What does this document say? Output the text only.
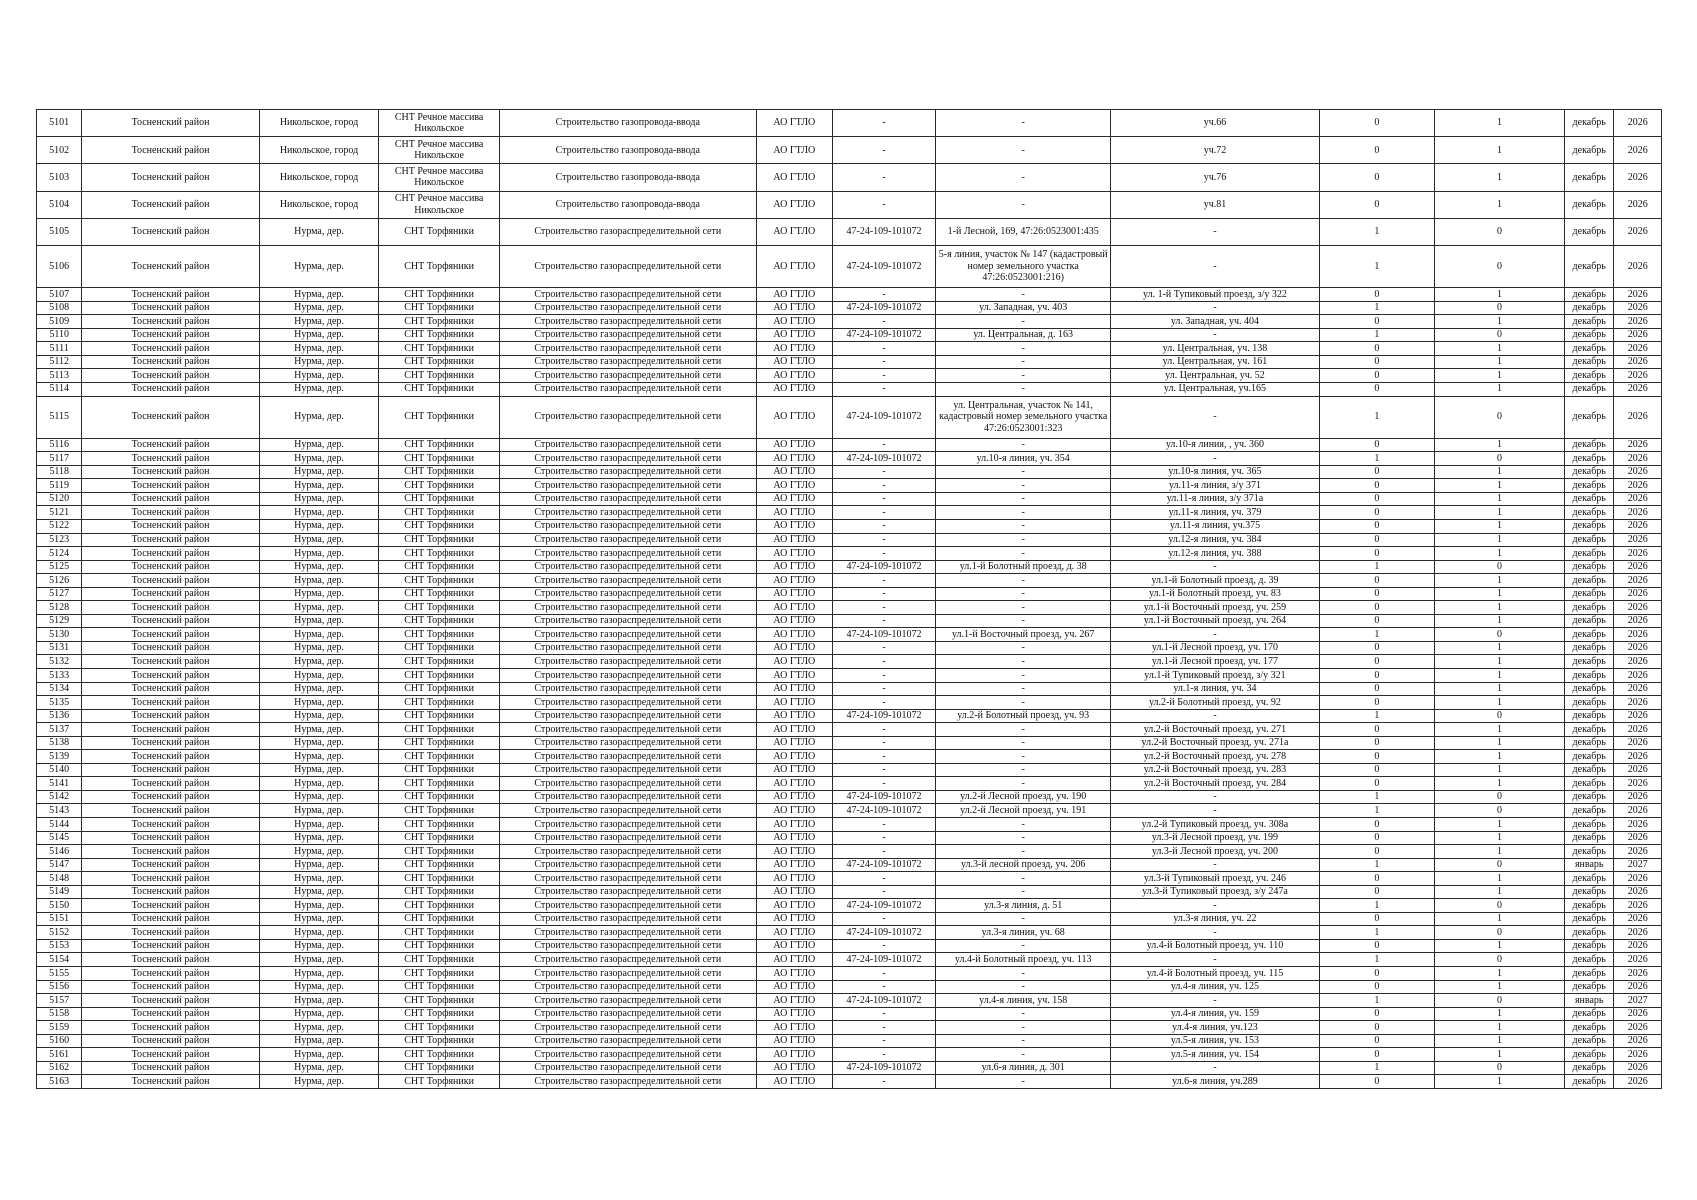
5101	Тосненский район	Никольское, город	СНТ Речное массива Никольское	Строительство газопровода-ввода	АО ГТЛО	-	-	уч.66	0	1	декабрь	2026
5102	Тосненский район	Никольское, город	СНТ Речное массива Никольское	Строительство газопровода-ввода	АО ГТЛО	-	-	уч.72	0	1	декабрь	2026
5103	Тосненский район	Никольское, город	СНТ Речное массива Никольское	Строительство газопровода-ввода	АО ГТЛО	-	-	уч.76	0	1	декабрь	2026
5104	Тосненский район	Никольское, город	СНТ Речное массива Никольское	Строительство газопровода-ввода	АО ГТЛО	-	-	уч.81	0	1	декабрь	2026
5105	Тосненский район	Нурма, дер.	СНТ Торфяники	Строительство газораспределительной сети	АО ГТЛО	47-24-109-101072	1-й Лесной, 169, 47:26:0523001:435	-	1	0	декабрь	2026
5106	Тосненский район	Нурма, дер.	СНТ Торфяники	Строительство газораспределительной сети	АО ГТЛО	47-24-109-101072	5-я линия, участок № 147 (кадастровый номер земельного участка 47:26:0523001:216)	-	1	0	декабрь	2026
5107	Тосненский район	Нурма, дер.	СНТ Торфяники	Строительство газораспределительной сети	АО ГТЛО	-	-	ул. 1-й Тупиковый проезд, з/у 322	0	1	декабрь	2026
5108	Тосненский район	Нурма, дер.	СНТ Торфяники	Строительство газораспределительной сети	АО ГТЛО	47-24-109-101072	ул. Западная, уч. 403	-	1	0	декабрь	2026
5109	Тосненский район	Нурма, дер.	СНТ Торфяники	Строительство газораспределительной сети	АО ГТЛО	-	-	ул. Западная, уч. 404	0	1	декабрь	2026
5110	Тосненский район	Нурма, дер.	СНТ Торфяники	Строительство газораспределительной сети	АО ГТЛО	47-24-109-101072	ул. Центральная, д. 163	-	1	0	декабрь	2026
5111	Тосненский район	Нурма, дер.	СНТ Торфяники	Строительство газораспределительной сети	АО ГТЛО	-	-	ул. Центральная, уч. 138	0	1	декабрь	2026
5112	Тосненский район	Нурма, дер.	СНТ Торфяники	Строительство газораспределительной сети	АО ГТЛО	-	-	ул. Центральная, уч. 161	0	1	декабрь	2026
5113	Тосненский район	Нурма, дер.	СНТ Торфяники	Строительство газораспределительной сети	АО ГТЛО	-	-	ул. Центральная, уч. 52	0	1	декабрь	2026
5114	Тосненский район	Нурма, дер.	СНТ Торфяники	Строительство газораспределительной сети	АО ГТЛО	-	-	ул. Центральная, уч.165	0	1	декабрь	2026
5115	Тосненский район	Нурма, дер.	СНТ Торфяники	Строительство газораспределительной сети	АО ГТЛО	47-24-109-101072	ул. Центральная, участок № 141, кадастровый номер земельного участка 47:26:0523001:323	-	1	0	декабрь	2026
5116	Тосненский район	Нурма, дер.	СНТ Торфяники	Строительство газораспределительной сети	АО ГТЛО	-	-	ул.10-я линия, , уч. 360	0	1	декабрь	2026
5117	Тосненский район	Нурма, дер.	СНТ Торфяники	Строительство газораспределительной сети	АО ГТЛО	47-24-109-101072	ул.10-я линия, уч. 354	-	1	0	декабрь	2026
5118	Тосненский район	Нурма, дер.	СНТ Торфяники	Строительство газораспределительной сети	АО ГТЛО	-	-	ул.10-я линия, уч. 365	0	1	декабрь	2026
5119	Тосненский район	Нурма, дер.	СНТ Торфяники	Строительство газораспределительной сети	АО ГТЛО	-	-	ул.11-я линия, з/у 371	0	1	декабрь	2026
5120	Тосненский район	Нурма, дер.	СНТ Торфяники	Строительство газораспределительной сети	АО ГТЛО	-	-	ул.11-я линия, з/у 371а	0	1	декабрь	2026
5121	Тосненский район	Нурма, дер.	СНТ Торфяники	Строительство газораспределительной сети	АО ГТЛО	-	-	ул.11-я линия, уч. 379	0	1	декабрь	2026
5122	Тосненский район	Нурма, дер.	СНТ Торфяники	Строительство газораспределительной сети	АО ГТЛО	-	-	ул.11-я линия, уч.375	0	1	декабрь	2026
5123	Тосненский район	Нурма, дер.	СНТ Торфяники	Строительство газораспределительной сети	АО ГТЛО	-	-	ул.12-я линия, уч. 384	0	1	декабрь	2026
5124	Тосненский район	Нурма, дер.	СНТ Торфяники	Строительство газораспределительной сети	АО ГТЛО	-	-	ул.12-я линия, уч. 388	0	1	декабрь	2026
5125	Тосненский район	Нурма, дер.	СНТ Торфяники	Строительство газораспределительной сети	АО ГТЛО	47-24-109-101072	ул.1-й Болотный проезд, д. 38	-	1	0	декабрь	2026
5126	Тосненский район	Нурма, дер.	СНТ Торфяники	Строительство газораспределительной сети	АО ГТЛО	-	-	ул.1-й Болотный проезд, д. 39	0	1	декабрь	2026
5127	Тосненский район	Нурма, дер.	СНТ Торфяники	Строительство газораспределительной сети	АО ГТЛО	-	-	ул.1-й Болотный проезд, уч. 83	0	1	декабрь	2026
5128	Тосненский район	Нурма, дер.	СНТ Торфяники	Строительство газораспределительной сети	АО ГТЛО	-	-	ул.1-й Восточный проезд, уч. 259	0	1	декабрь	2026
5129	Тосненский район	Нурма, дер.	СНТ Торфяники	Строительство газораспределительной сети	АО ГТЛО	-	-	ул.1-й Восточный проезд, уч. 264	0	1	декабрь	2026
5130	Тосненский район	Нурма, дер.	СНТ Торфяники	Строительство газораспределительной сети	АО ГТЛО	47-24-109-101072	ул.1-й Восточный проезд, уч. 267	-	1	0	декабрь	2026
5131	Тосненский район	Нурма, дер.	СНТ Торфяники	Строительство газораспределительной сети	АО ГТЛО	-	-	ул.1-й Лесной проезд, уч. 170	0	1	декабрь	2026
5132	Тосненский район	Нурма, дер.	СНТ Торфяники	Строительство газораспределительной сети	АО ГТЛО	-	-	ул.1-й Лесной проезд, уч. 177	0	1	декабрь	2026
5133	Тосненский район	Нурма, дер.	СНТ Торфяники	Строительство газораспределительной сети	АО ГТЛО	-	-	ул.1-й Тупиковый проезд, з/у 321	0	1	декабрь	2026
5134	Тосненский район	Нурма, дер.	СНТ Торфяники	Строительство газораспределительной сети	АО ГТЛО	-	-	ул.1-я линия, уч. 34	0	1	декабрь	2026
5135	Тосненский район	Нурма, дер.	СНТ Торфяники	Строительство газораспределительной сети	АО ГТЛО	-	-	ул.2-й Болотный проезд, уч. 92	0	1	декабрь	2026
5136	Тосненский район	Нурма, дер.	СНТ Торфяники	Строительство газораспределительной сети	АО ГТЛО	47-24-109-101072	ул.2-й Болотный проезд, уч. 93	-	1	0	декабрь	2026
5137	Тосненский район	Нурма, дер.	СНТ Торфяники	Строительство газораспределительной сети	АО ГТЛО	-	-	ул.2-й Восточный проезд, уч. 271	0	1	декабрь	2026
5138	Тосненский район	Нурма, дер.	СНТ Торфяники	Строительство газораспределительной сети	АО ГТЛО	-	-	ул.2-й Восточный проезд, уч. 271а	0	1	декабрь	2026
5139	Тосненский район	Нурма, дер.	СНТ Торфяники	Строительство газораспределительной сети	АО ГТЛО	-	-	ул.2-й Восточный проезд, уч. 278	0	1	декабрь	2026
5140	Тосненский район	Нурма, дер.	СНТ Торфяники	Строительство газораспределительной сети	АО ГТЛО	-	-	ул.2-й Восточный проезд, уч. 283	0	1	декабрь	2026
5141	Тосненский район	Нурма, дер.	СНТ Торфяники	Строительство газораспределительной сети	АО ГТЛО	-	-	ул.2-й Восточный проезд, уч. 284	0	1	декабрь	2026
5142	Тосненский район	Нурма, дер.	СНТ Торфяники	Строительство газораспределительной сети	АО ГТЛО	47-24-109-101072	ул.2-й Лесной проезд, уч. 190	-	1	0	декабрь	2026
5143	Тосненский район	Нурма, дер.	СНТ Торфяники	Строительство газораспределительной сети	АО ГТЛО	47-24-109-101072	ул.2-й Лесной проезд, уч. 191	-	1	0	декабрь	2026
5144	Тосненский район	Нурма, дер.	СНТ Торфяники	Строительство газораспределительной сети	АО ГТЛО	-	-	ул.2-й Тупиковый проезд, уч. 308а	0	1	декабрь	2026
5145	Тосненский район	Нурма, дер.	СНТ Торфяники	Строительство газораспределительной сети	АО ГТЛО	-	-	ул.3-й Лесной проезд, уч. 199	0	1	декабрь	2026
5146	Тосненский район	Нурма, дер.	СНТ Торфяники	Строительство газораспределительной сети	АО ГТЛО	-	-	ул.3-й Лесной проезд, уч. 200	0	1	декабрь	2026
5147	Тосненский район	Нурма, дер.	СНТ Торфяники	Строительство газораспределительной сети	АО ГТЛО	47-24-109-101072	ул.3-й лесной проезд, уч. 206	-	1	0	январь	2027
5148	Тосненский район	Нурма, дер.	СНТ Торфяники	Строительство газораспределительной сети	АО ГТЛО	-	-	ул.3-й Тупиковый проезд, уч. 246	0	1	декабрь	2026
5149	Тосненский район	Нурма, дер.	СНТ Торфяники	Строительство газораспределительной сети	АО ГТЛО	-	-	ул.3-й Тупиковый проезд, з/у 247а	0	1	декабрь	2026
5150	Тосненский район	Нурма, дер.	СНТ Торфяники	Строительство газораспределительной сети	АО ГТЛО	47-24-109-101072	ул.3-я линия, д. 51	-	1	0	декабрь	2026
5151	Тосненский район	Нурма, дер.	СНТ Торфяники	Строительство газораспределительной сети	АО ГТЛО	-	-	ул.3-я линия, уч. 22	0	1	декабрь	2026
5152	Тосненский район	Нурма, дер.	СНТ Торфяники	Строительство газораспределительной сети	АО ГТЛО	47-24-109-101072	ул.3-я линия, уч. 68	-	1	0	декабрь	2026
5153	Тосненский район	Нурма, дер.	СНТ Торфяники	Строительство газораспределительной сети	АО ГТЛО	-	-	ул.4-й Болотный проезд, уч. 110	0	1	декабрь	2026
5154	Тосненский район	Нурма, дер.	СНТ Торфяники	Строительство газораспределительной сети	АО ГТЛО	47-24-109-101072	ул.4-й Болотный проезд, уч. 113	-	1	0	декабрь	2026
5155	Тосненский район	Нурма, дер.	СНТ Торфяники	Строительство газораспределительной сети	АО ГТЛО	-	-	ул.4-й Болотный проезд, уч. 115	0	1	декабрь	2026
5156	Тосненский район	Нурма, дер.	СНТ Торфяники	Строительство газораспределительной сети	АО ГТЛО	-	-	ул.4-я линия, уч. 125	0	1	декабрь	2026
5157	Тосненский район	Нурма, дер.	СНТ Торфяники	Строительство газораспределительной сети	АО ГТЛО	47-24-109-101072	ул.4-я линия, уч. 158	-	1	0	январь	2027
5158	Тосненский район	Нурма, дер.	СНТ Торфяники	Строительство газораспределительной сети	АО ГТЛО	-	-	ул.4-я линия, уч. 159	0	1	декабрь	2026
5159	Тосненский район	Нурма, дер.	СНТ Торфяники	Строительство газораспределительной сети	АО ГТЛО	-	-	ул.4-я линия, уч.123	0	1	декабрь	2026
5160	Тосненский район	Нурма, дер.	СНТ Торфяники	Строительство газораспределительной сети	АО ГТЛО	-	-	ул.5-я линия, уч. 153	0	1	декабрь	2026
5161	Тосненский район	Нурма, дер.	СНТ Торфяники	Строительство газораспределительной сети	АО ГТЛО	-	-	ул.5-я линия, уч. 154	0	1	декабрь	2026
5162	Тосненский район	Нурма, дер.	СНТ Торфяники	Строительство газораспределительной сети	АО ГТЛО	47-24-109-101072	ул.6-я линия, д. 301	-	1	0	декабрь	2026
5163	Тосненский район	Нурма, дер.	СНТ Торфяники	Строительство газораспределительной сети	АО ГТЛО	-	-	ул.6-я линия, уч.289	0	1	декабрь	2026
